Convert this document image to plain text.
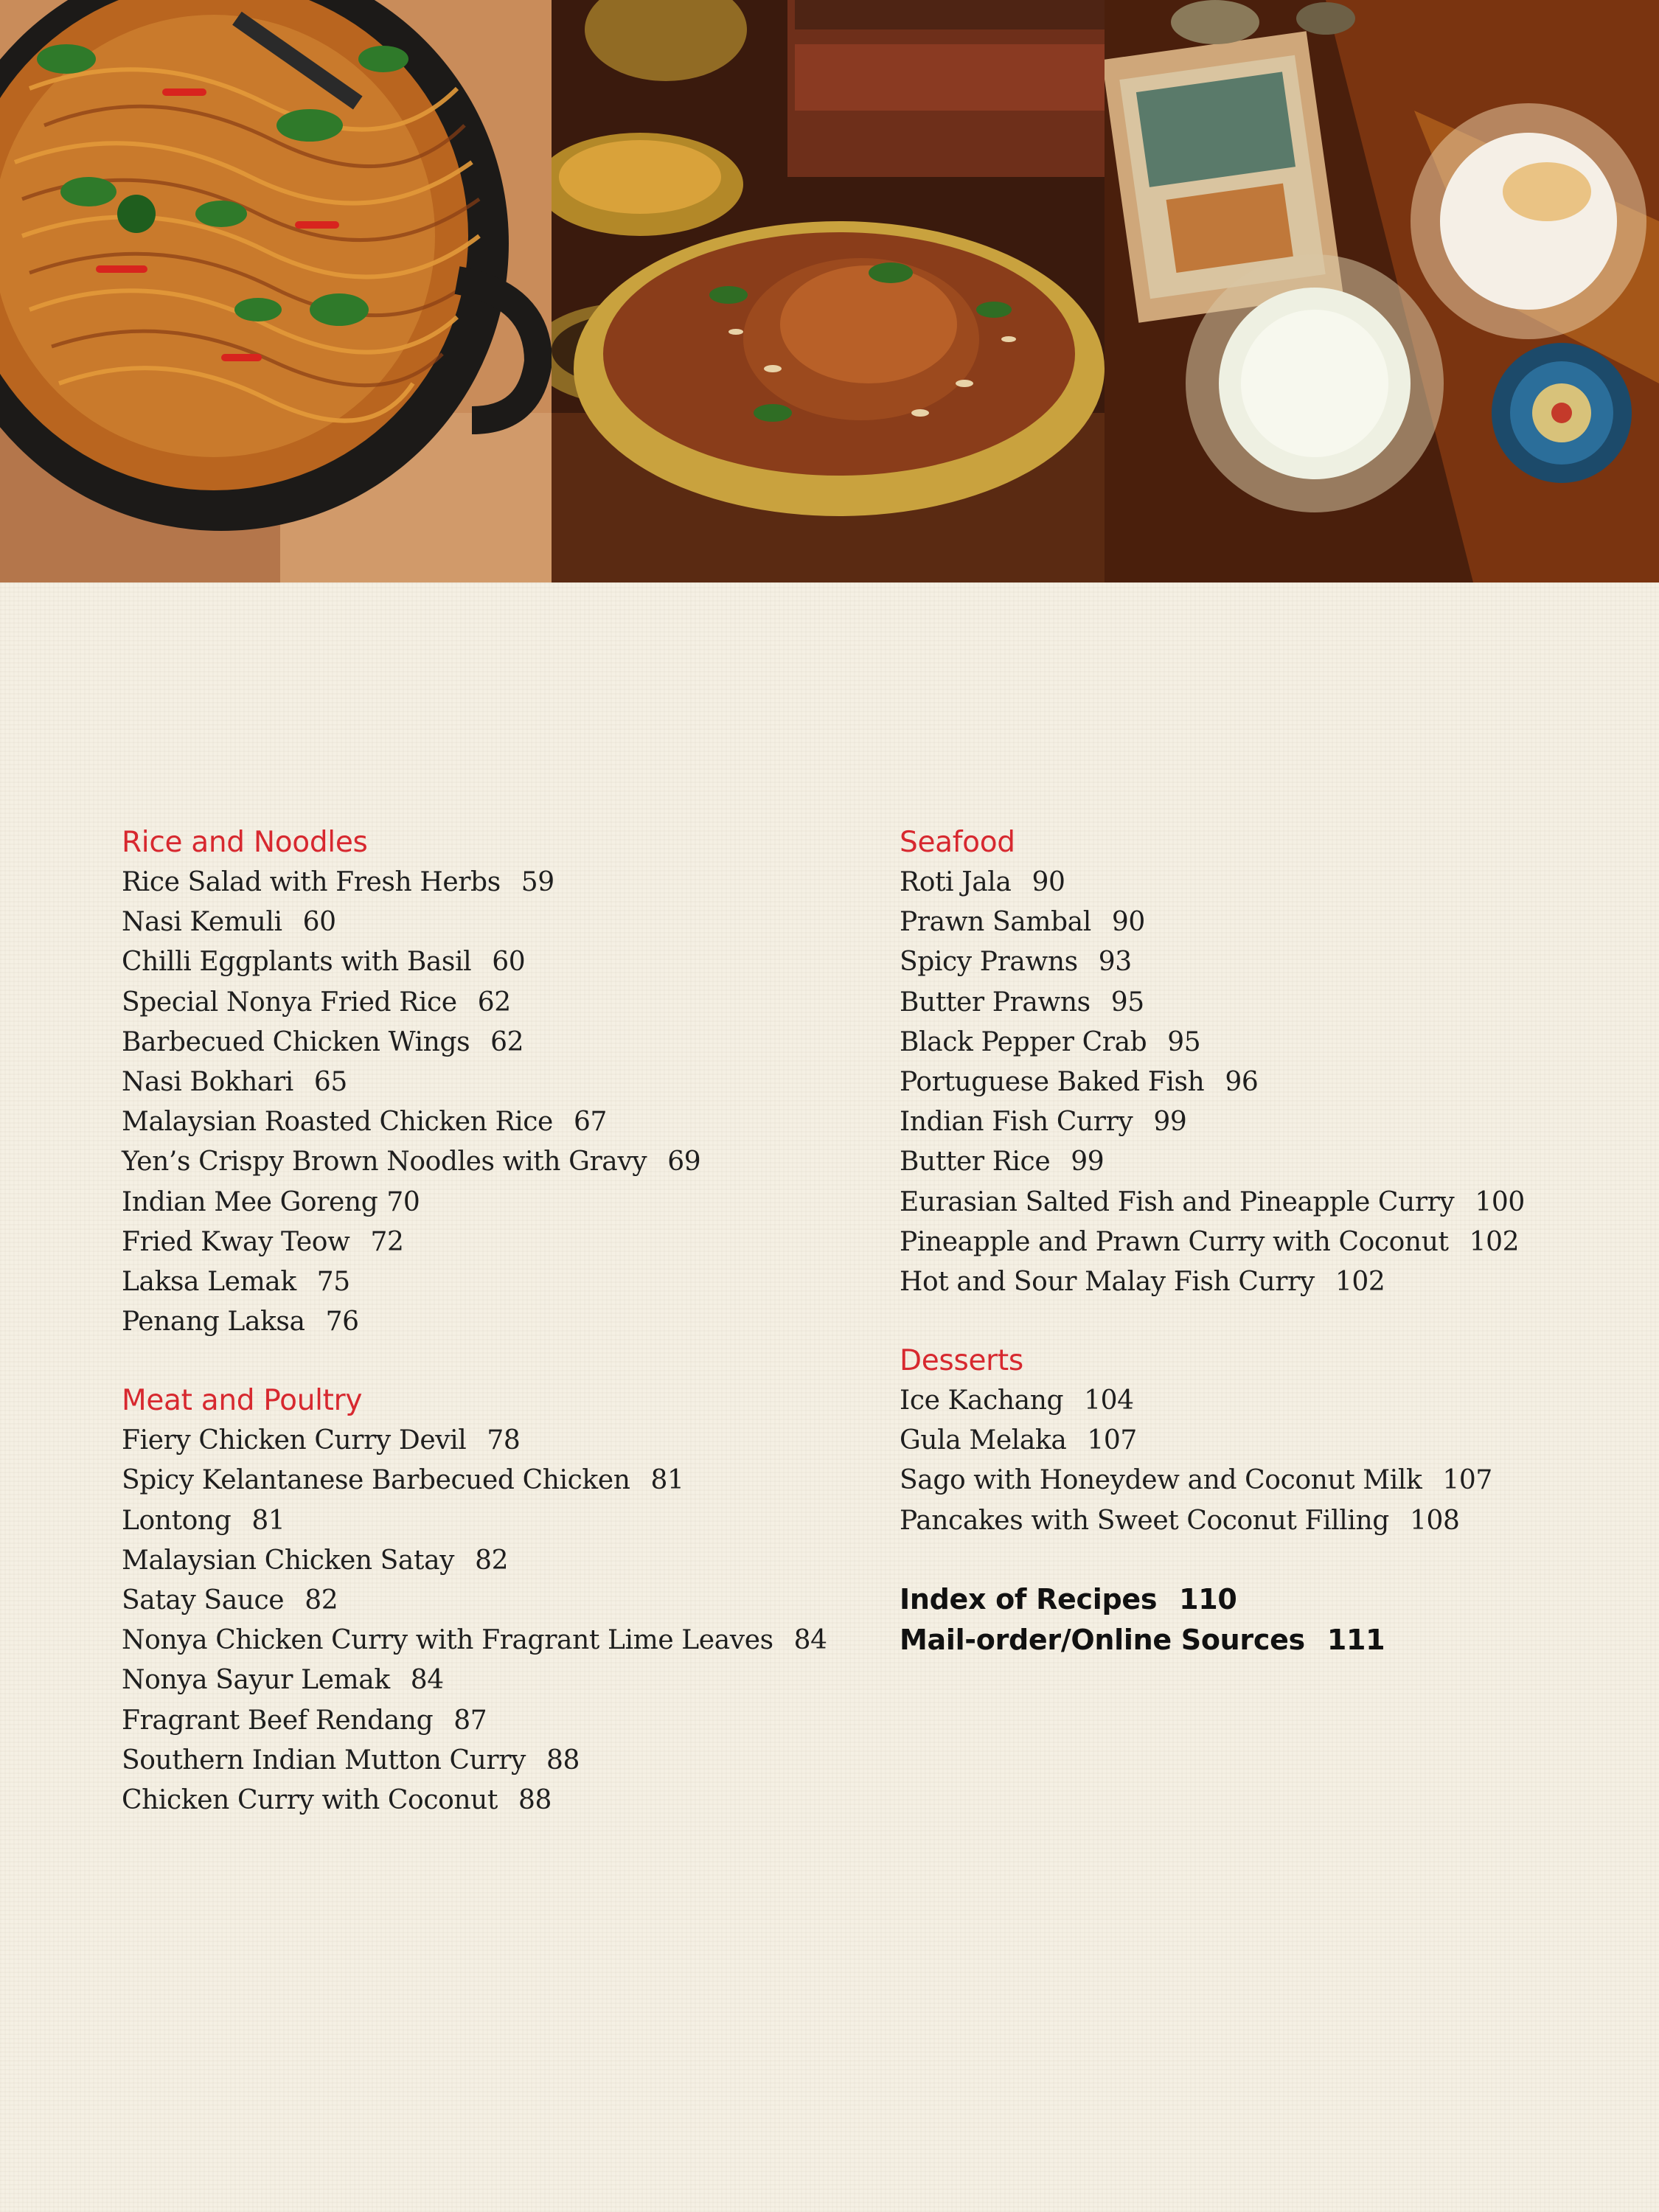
Rice and Noodles
Rice Salad with Fresh Herbs 59
Nasi Kemuli 60
Chilli Eggplants with Basil 60
Special Nonya Fried Rice 62
Barbecued Chicken Wings 62
Nasi Bokhari 65
Malaysian Roasted Chicken Rice 67
Yen’s Crispy Brown Noodles with Gravy 69
Indian Mee Goreng 70
Fried Kway Teow 72
Laksa Lemak 75
Penang Laksa 76
Meat and Poultry
Fiery Chicken Curry Devil 78
Spicy Kelantanese Barbecued Chicken 81
Lontong 81
Malaysian Chicken Satay 82
Satay Sauce 82
Nonya Chicken Curry with Fragrant Lime Leaves 84
Nonya Sayur Lemak 84
Fragrant Beef Rendang 87
Southern Indian Mutton Curry 88
Chicken Curry with Coconut 88
Seafood
Roti Jala 90
Prawn Sambal 90
Spicy Prawns 93
Butter Prawns 95
Black Pepper Crab 95
Portuguese Baked Fish 96
Indian Fish Curry 99
Butter Rice 99
Eurasian Salted Fish and Pineapple Curry 100
Pineapple and Prawn Curry with Coconut 102
Hot and Sour Malay Fish Curry 102
Desserts
Ice Kachang 104
Gula Melaka 107
Sago with Honeydew and Coconut Milk 107
Pancakes with Sweet Coconut Filling 108
Index of Recipes 110
Mail-order/Online Sources 111
